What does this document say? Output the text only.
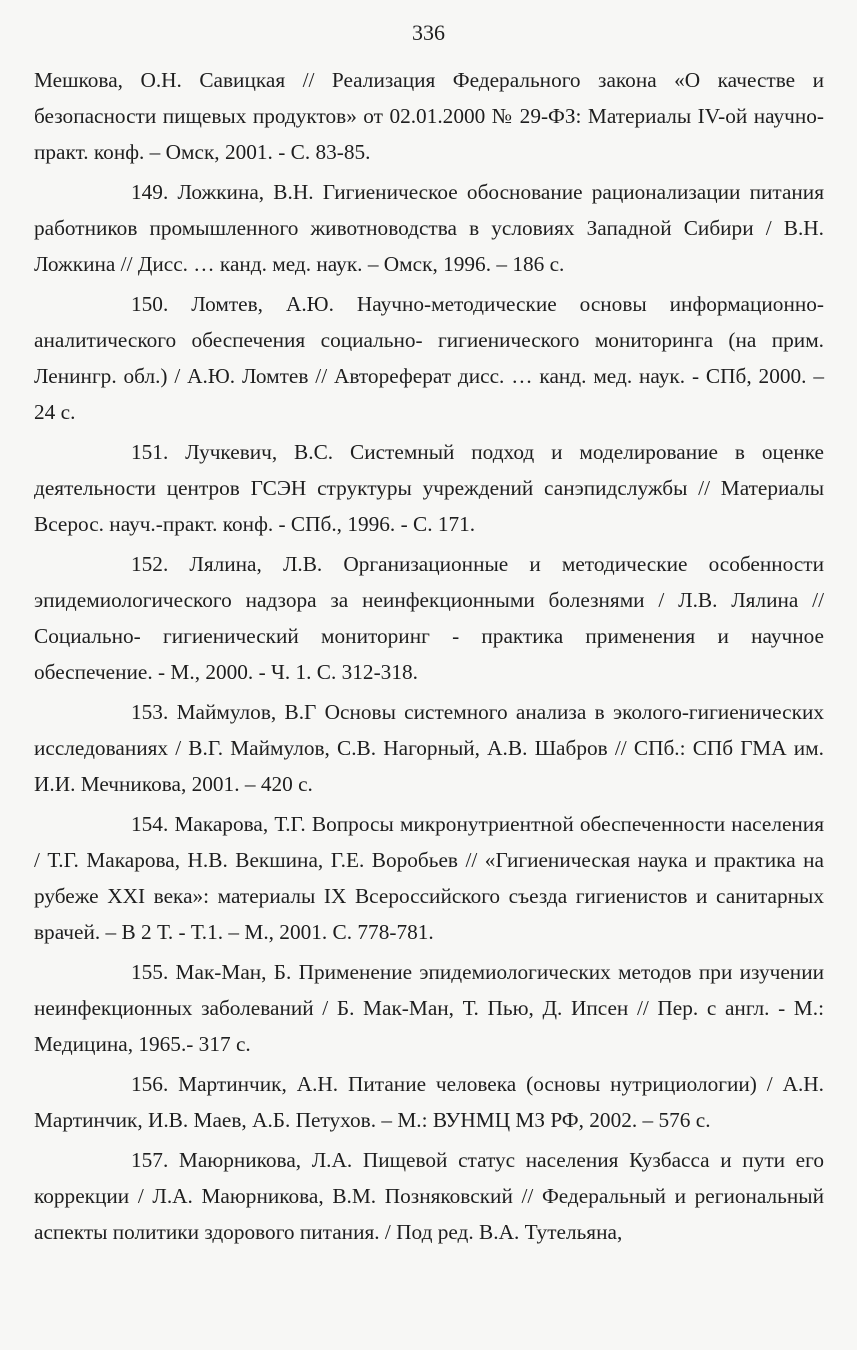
336

Мешкова, О.Н. Савицкая // Реализация Федерального закона «О качестве и безопасности пищевых продуктов» от 02.01.2000 № 29-ФЗ: Материалы IV-ой научно-практ. конф. – Омск, 2001. - С. 83-85.

149. Ложкина, В.Н. Гигиеническое обоснование рационализации питания работников промышленного животноводства в условиях Западной Сибири / В.Н. Ложкина // Дисс. … канд. мед. наук. – Омск, 1996. – 186 с.

150. Ломтев, А.Ю. Научно-методические основы информационно-аналитического обеспечения социально- гигиенического мониторинга (на прим. Ленингр. обл.) / А.Ю. Ломтев // Автореферат дисс. … канд. мед. наук. - СПб, 2000. – 24 с.

151. Лучкевич, В.С. Системный подход и моделирование в оценке деятельности центров ГСЭН структуры учреждений санэпидслужбы // Материалы Всерос. науч.-практ. конф. - СПб., 1996. - С. 171.

152. Лялина, Л.В. Организационные и методические особенности эпидемиологического надзора за неинфекционными болезнями / Л.В. Лялина // Социально- гигиенический мониторинг - практика применения и научное обеспечение. - М., 2000. - Ч. 1. С. 312-318.

153. Маймулов, В.Г Основы системного анализа в эколого-гигиенических исследованиях / В.Г. Маймулов, С.В. Нагорный, А.В. Шабров // СПб.: СПб ГМА им. И.И. Мечникова, 2001. – 420 с.

154. Макарова, Т.Г. Вопросы микронутриентной обеспеченности населения / Т.Г. Макарова, Н.В. Векшина, Г.Е. Воробьев // «Гигиеническая наука и практика на рубеже XXI века»: материалы IX Всероссийского съезда гигиенистов и санитарных врачей. – В 2 Т. - Т.1. – М., 2001. С. 778-781.

155. Мак-Ман, Б. Применение эпидемиологических методов при изучении неинфекционных заболеваний / Б. Мак-Ман, Т. Пью, Д. Ипсен // Пер. с англ. - М.: Медицина, 1965.- 317 с.

156. Мартинчик, А.Н. Питание человека (основы нутрициологии) / А.Н. Мартинчик, И.В. Маев, А.Б. Петухов. – М.: ВУНМЦ МЗ РФ, 2002. – 576 с.

157. Маюрникова, Л.А. Пищевой статус населения Кузбасса и пути его коррекции / Л.А. Маюрникова, В.М. Позняковский // Федеральный и региональный аспекты политики здорового питания. / Под ред. В.А. Тутельяна,
